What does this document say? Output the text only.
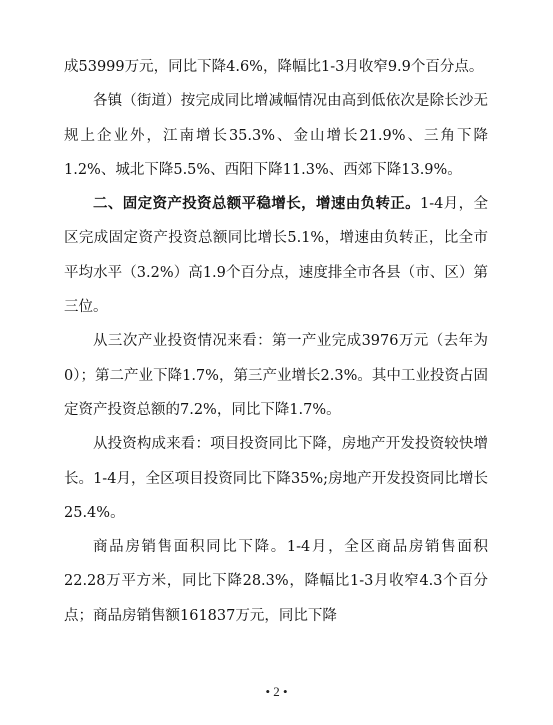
成53999万元，同比下降4.6%，降幅比1-3月收窄9.9个百分点。

各镇（街道）按完成同比增减幅情况由高到低依次是除长沙无规上企业外，江南增长35.3%、金山增长21.9%、三角下降1.2%、城北下降5.5%、西阳下降11.3%、西郊下降13.9%。

二、固定资产投资总额平稳增长，增速由负转正。1-4月，全区完成固定资产投资总额同比增长5.1%，增速由负转正，比全市平均水平（3.2%）高1.9个百分点，速度排全市各县（市、区）第三位。

从三次产业投资情况来看：第一产业完成3976万元（去年为0）；第二产业下降1.7%，第三产业增长2.3%。其中工业投资占固定资产投资总额的7.2%，同比下降1.7%。

从投资构成来看：项目投资同比下降，房地产开发投资较快增长。1-4月，全区项目投资同比下降35%;房地产开发投资同比增长25.4%。

商品房销售面积同比下降。1-4月，全区商品房销售面积22.28万平方米，同比下降28.3%，降幅比1-3月收窄4.3个百分点；商品房销售额161837万元，同比下降

• 2 •
